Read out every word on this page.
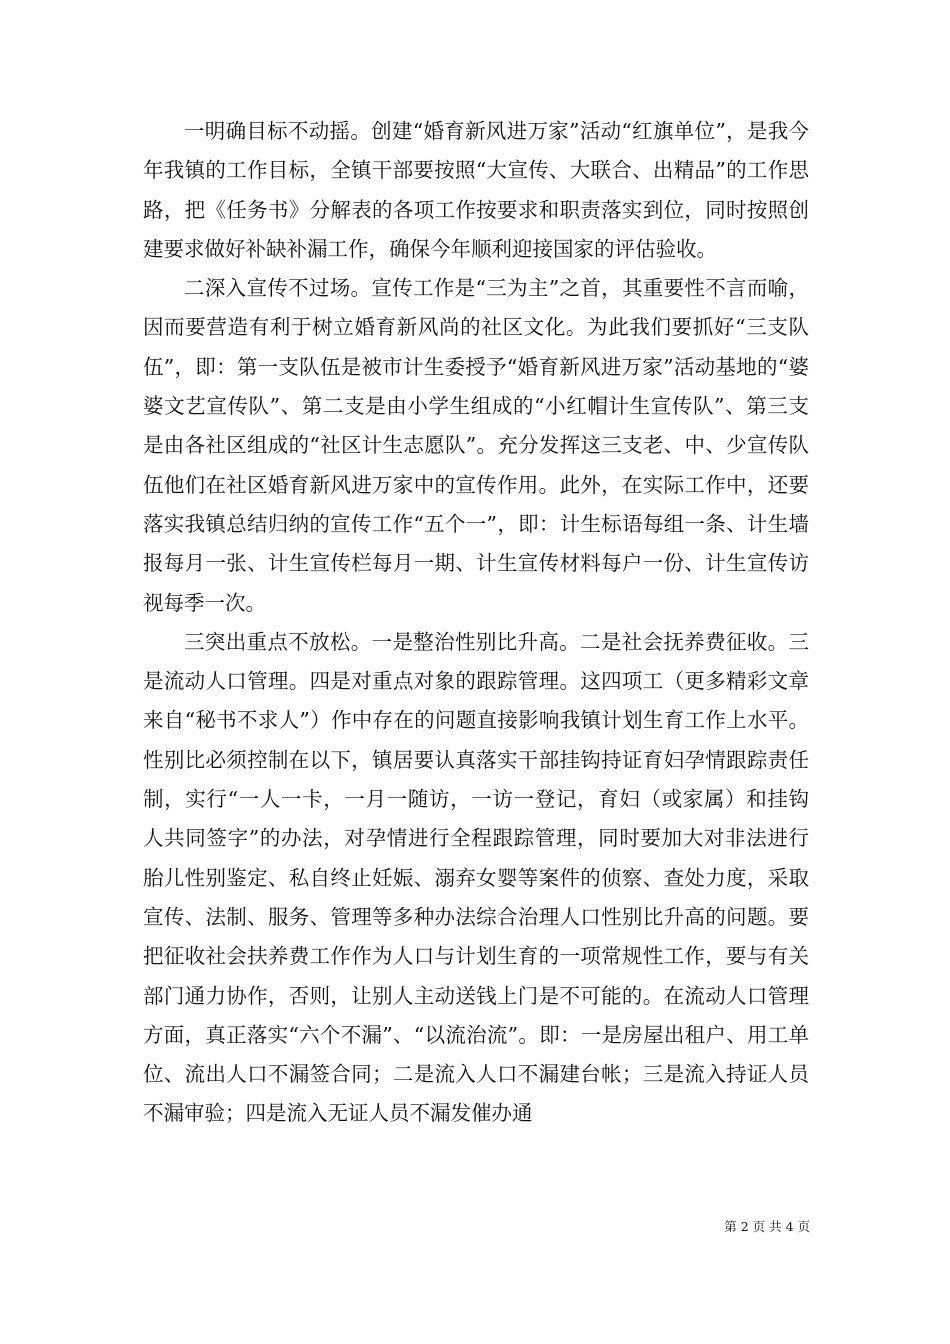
一明确目标不动摇。创建“婚育新风进万家”活动“红旗单位”，是我今年我镇的工作目标，全镇干部要按照“大宣传、大联合、出精品”的工作思路，把《任务书》分解表的各项工作按要求和职责落实到位，同时按照创建要求做好补缺补漏工作，确保今年顺利迎接国家的评估验收。

二深入宣传不过场。宣传工作是“三为主”之首，其重要性不言而喻，因而要营造有利于树立婚育新风尚的社区文化。为此我们要抓好“三支队伍”，即：第一支队伍是被市计生委授予“婚育新风进万家”活动基地的“婆婆文艺宣传队”、第二支是由小学生组成的“小红帽计生宣传队”、第三支是由各社区组成的“社区计生志愿队”。充分发挥这三支老、中、少宣传队伍他们在社区婚育新风进万家中的宣传作用。此外，在实际工作中，还要落实我镇总结归纳的宣传工作“五个一”，即：计生标语每组一条、计生墙报每月一张、计生宣传栏每月一期、计生宣传材料每户一份、计生宣传访视每季一次。

三突出重点不放松。一是整治性别比升高。二是社会抚养费征收。三是流动人口管理。四是对重点对象的跟踪管理。这四项工（更多精彩文章来自“秘书不求人”）作中存在的问题直接影响我镇计划生育工作上水平。性别比必须控制在以下，镇居要认真落实干部挂钩持证育妇孕情跟踪责任制，实行“一人一卡，一月一随访，一访一登记，育妇（或家属）和挂钩人共同签字”的办法，对孕情进行全程跟踪管理，同时要加大对非法进行胎儿性别鉴定、私自终止妊娠、溺弃女婴等案件的侦察、查处力度，采取宣传、法制、服务、管理等多种办法综合治理人口性别比升高的问题。要把征收社会扶养费工作作为人口与计划生育的一项常规性工作，要与有关部门通力协作，否则，让别人主动送钱上门是不可能的。在流动人口管理方面，真正落实“六个不漏”、“以流治流”。即：一是房屋出租户、用工单位、流出人口不漏签合同；二是流入人口不漏建台帐；三是流入持证人员不漏审验；四是流入无证人员不漏发催办通

第 2 页 共 4 页
